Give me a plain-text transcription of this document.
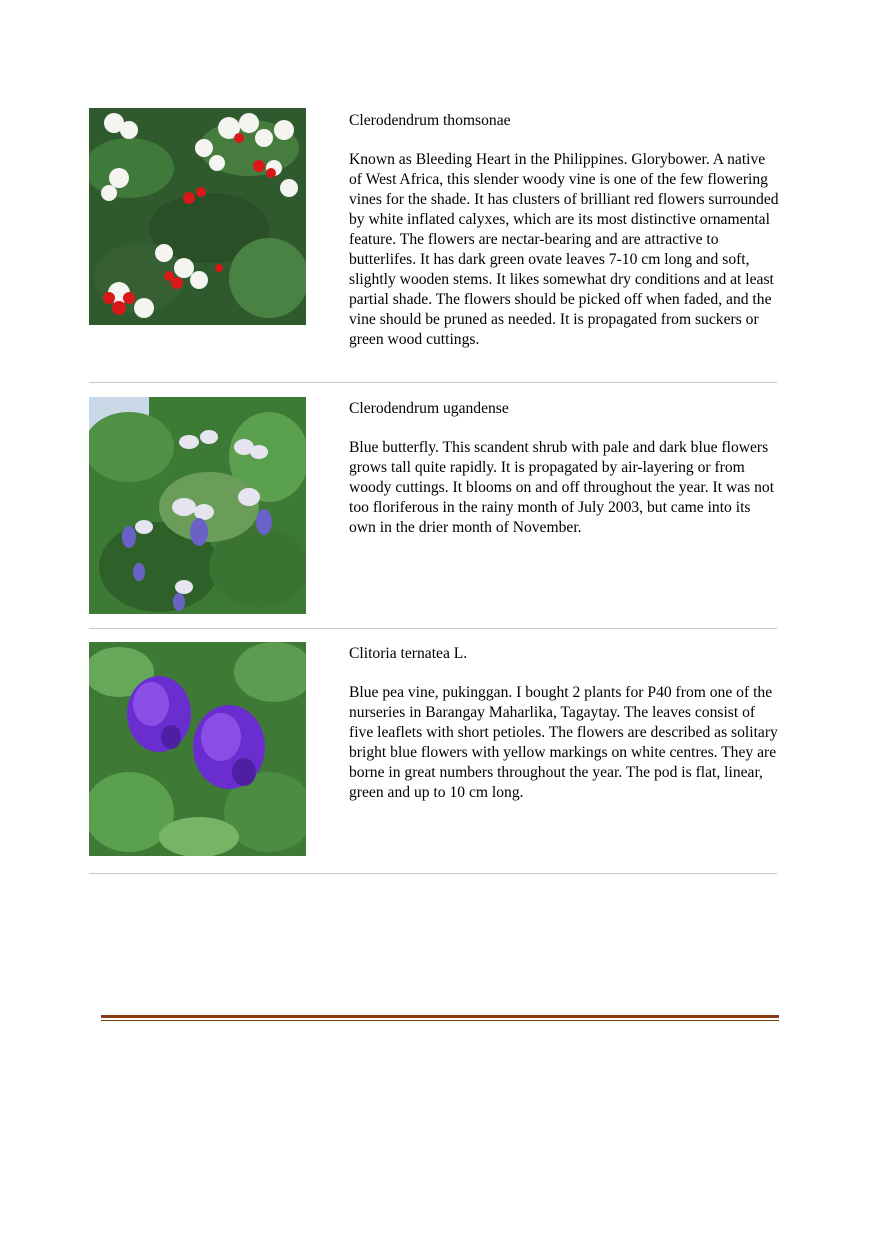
Clerodendrum thomsonae

Known as Bleeding Heart in the Philippines. Glorybower. A native of West Africa, this slender woody vine is one of the few flowering vines for the shade. It has clusters of brilliant red flowers surrounded by white inflated calyxes, which are its most distinctive ornamental feature. The flowers are nectar-bearing and are attractive to butterlifes. It has dark green ovate leaves 7-10 cm long and soft, slightly wooden stems. It likes somewhat dry conditions and at least partial shade. The flowers should be picked off when faded, and the vine should be pruned as needed. It is propagated from suckers or green wood cuttings.

Clerodendrum ugandense

Blue butterfly. This scandent shrub with pale and dark blue flowers grows tall quite rapidly. It is propagated by air-layering or from woody cuttings. It blooms on and off throughout the year. It was not too floriferous in the rainy month of July 2003, but came into its own in the drier month of November.

Clitoria ternatea L.

Blue pea vine, pukinggan. I bought 2 plants for P40 from one of the nurseries in Barangay Maharlika, Tagaytay. The leaves consist of five leaflets with short petioles. The flowers are described as solitary bright blue flowers with yellow markings on white centres. They are borne in great numbers throughout the year. The pod is flat, linear, green and up to 10 cm long.
